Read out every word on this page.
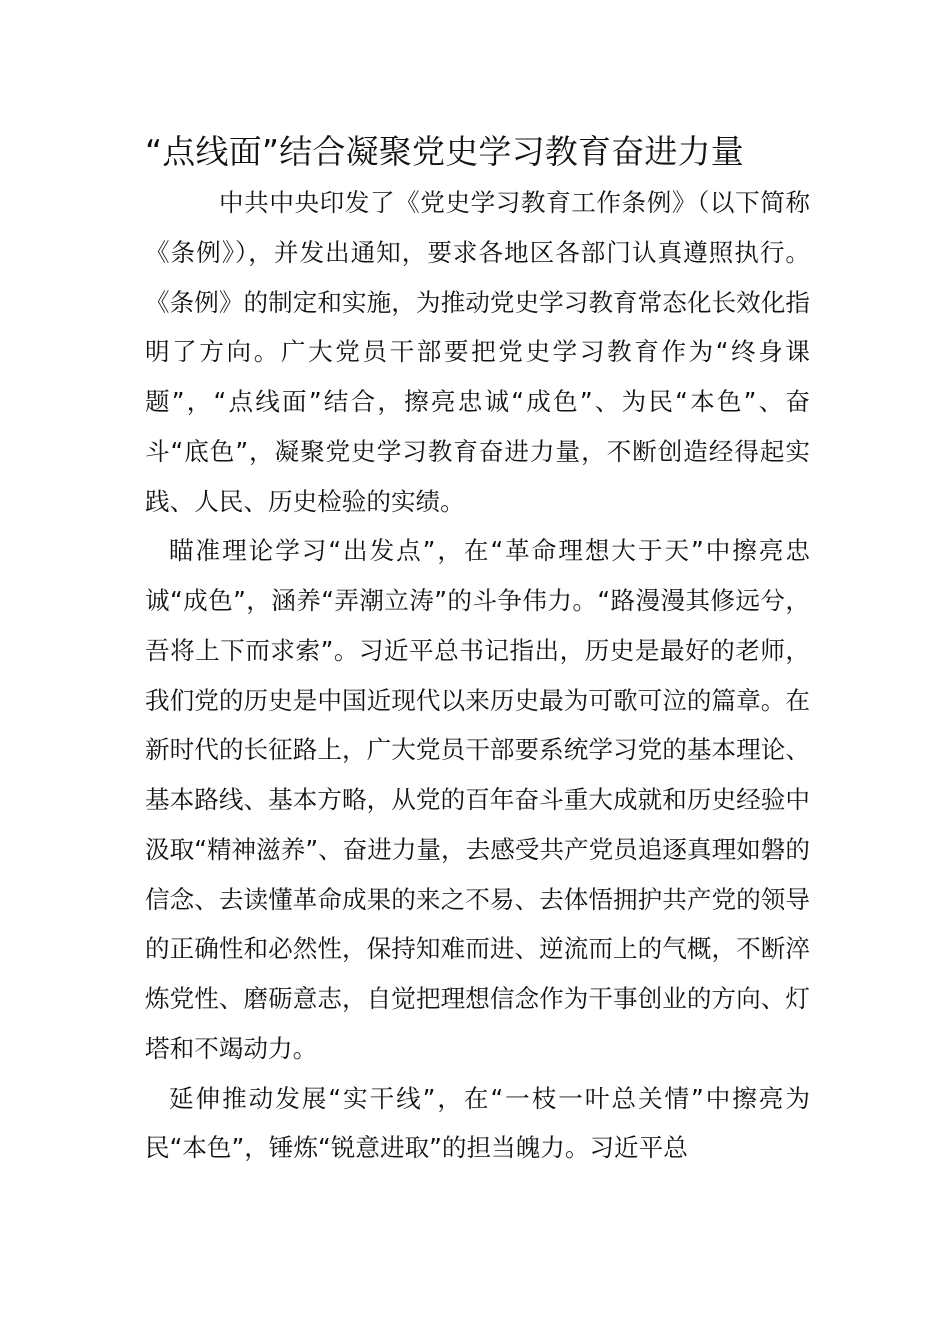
“点线面”结合凝聚党史学习教育奋进力量

中共中央印发了《党史学习教育工作条例》（以下简称《条例》），并发出通知，要求各地区各部门认真遵照执行。《条例》的制定和实施，为推动党史学习教育常态化长效化指明了方向。广大党员干部要把党史学习教育作为“终身课题”，“点线面”结合，擦亮忠诚“成色”、为民“本色”、奋斗“底色”，凝聚党史学习教育奋进力量，不断创造经得起实践、人民、历史检验的实绩。

瞄准理论学习“出发点”，在“革命理想大于天”中擦亮忠诚“成色”，涵养“弄潮立涛”的斗争伟力。“路漫漫其修远兮，吾将上下而求索”。习近平总书记指出，历史是最好的老师，我们党的历史是中国近现代以来历史最为可歌可泣的篇章。在新时代的长征路上，广大党员干部要系统学习党的基本理论、基本路线、基本方略，从党的百年奋斗重大成就和历史经验中汲取“精神滋养”、奋进力量，去感受共产党员追逐真理如磐的信念、去读懂革命成果的来之不易、去体悟拥护共产党的领导的正确性和必然性，保持知难而进、逆流而上的气概，不断淬炼党性、磨砺意志，自觉把理想信念作为干事创业的方向、灯塔和不竭动力。

延伸推动发展“实干线”，在“一枝一叶总关情”中擦亮为民“本色”，锤炼“锐意进取”的担当魄力。习近平总
